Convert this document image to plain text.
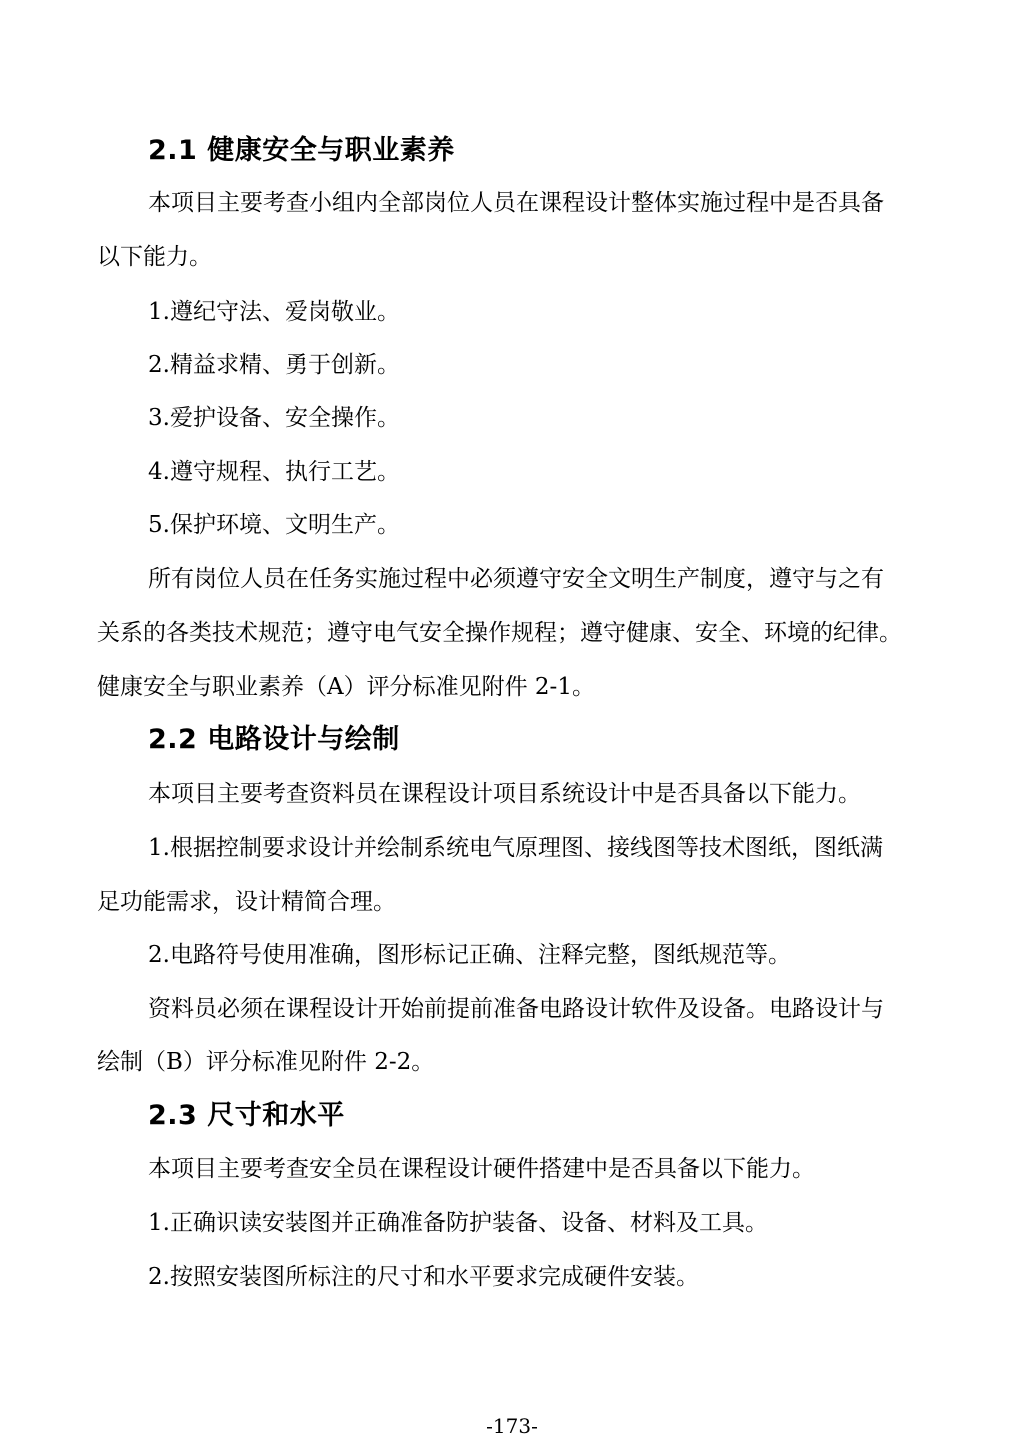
2.1 健康安全与职业素养
本项目主要考查小组内全部岗位人员在课程设计整体实施过程中是否具备
以下能力。
1.遵纪守法、爱岗敬业。
2.精益求精、勇于创新。
3.爱护设备、安全操作。
4.遵守规程、执行工艺。
5.保护环境、文明生产。
所有岗位人员在任务实施过程中必须遵守安全文明生产制度，遵守与之有
关系的各类技术规范；遵守电气安全操作规程；遵守健康、安全、环境的纪律。
健康安全与职业素养（A）评分标准见附件 2-1。
2.2 电路设计与绘制
本项目主要考查资料员在课程设计项目系统设计中是否具备以下能力。
1.根据控制要求设计并绘制系统电气原理图、接线图等技术图纸，图纸满
足功能需求，设计精简合理。
2.电路符号使用准确，图形标记正确、注释完整，图纸规范等。
资料员必须在课程设计开始前提前准备电路设计软件及设备。电路设计与
绘制（B）评分标准见附件 2-2。
2.3 尺寸和水平
本项目主要考查安全员在课程设计硬件搭建中是否具备以下能力。
1.正确识读安装图并正确准备防护装备、设备、材料及工具。
2.按照安装图所标注的尺寸和水平要求完成硬件安装。
-173-
